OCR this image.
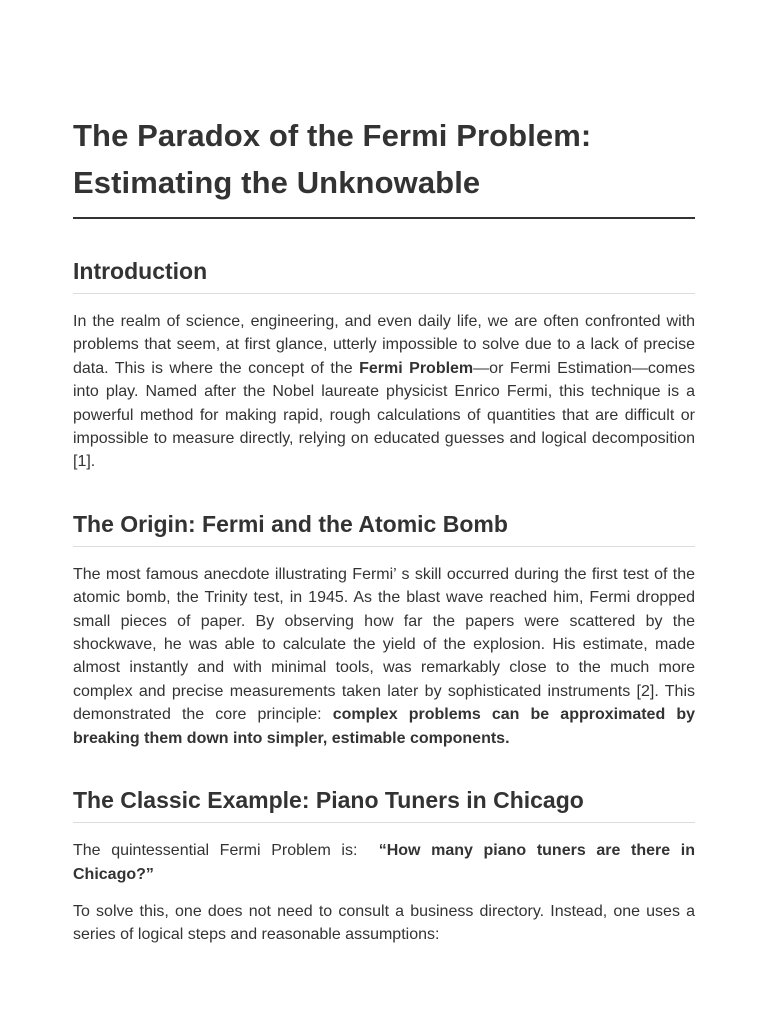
The Paradox of the Fermi Problem:
Estimating the Unknowable
Introduction

In the realm of science, engineering, and even daily life, we are often confronted with problems that seem, at first glance, utterly impossible to solve due to a lack of precise data. This is where the concept of the Fermi Problem—or Fermi Estimation—comes into play. Named after the Nobel laureate physicist Enrico Fermi, this technique is a powerful method for making rapid, rough calculations of quantities that are difficult or impossible to measure directly, relying on educated guesses and logical decomposition [1].

The Origin: Fermi and the Atomic Bomb

The most famous anecdote illustrating Fermi’ s skill occurred during the first test of the atomic bomb, the Trinity test, in 1945. As the blast wave reached him, Fermi dropped small pieces of paper. By observing how far the papers were scattered by the shockwave, he was able to calculate the yield of the explosion. His estimate, made almost instantly and with minimal tools, was remarkably close to the much more complex and precise measurements taken later by sophisticated instruments [2]. This demonstrated the core principle: complex problems can be approximated by breaking them down into simpler, estimable components.

The Classic Example: Piano Tuners in Chicago

The quintessential Fermi Problem is:  “How many piano tuners are there in Chicago?”

To solve this, one does not need to consult a business directory. Instead, one uses a series of logical steps and reasonable assumptions:
